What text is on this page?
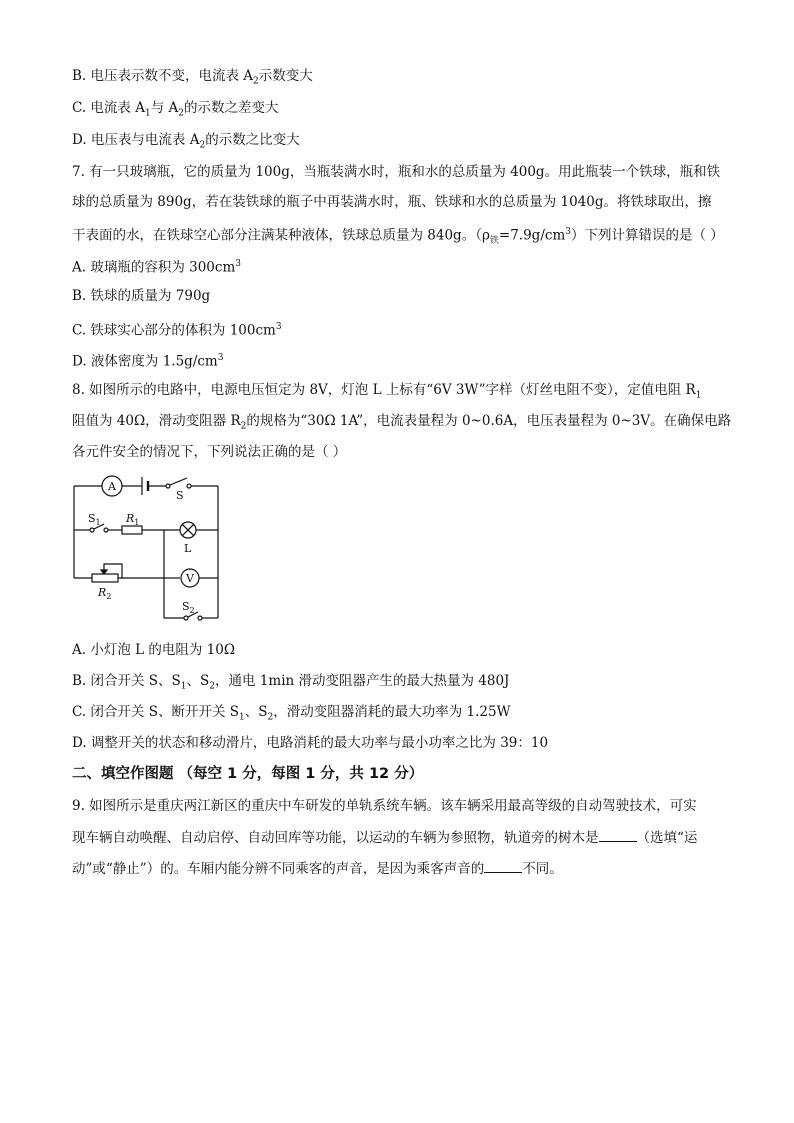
B. 电压表示数不变，电流表 $A_2$示数变大
C. 电流表 $A_1$与 $A_2$的示数之差变大
D. 电压表与电流表 $A_2$的示数之比变大
7. 有一只玻璃瓶，它的质量为 100g，当瓶装满水时，瓶和水的总质量为 400g。用此瓶装一个铁球，瓶和铁
球的总质量为 890g，若在装铁球的瓶子中再装满水时，瓶、铁球和水的总质量为 1040g。将铁球取出，擦
干表面的水，在铁球空心部分注满某种液体，铁球总质量为 840g。$(\rho_铁=7.9g/cm^3)$下列计算错误的是（ ）
A. 玻璃瓶的容积为 $300cm^3$
B. 铁球的质量为 790g
C. 铁球实心部分的体积为 $100cm^3$
D. 液体密度为 $1.5g/cm^3$
8. 如图所示的电路中，电源电压恒定为 8V，灯泡 L 上标有“6V 3W”字样（灯丝电阻不变），定值电阻 $R_1$
阻值为 40Ω，滑动变阻器 $R_2$的规格为“30Ω 1A”，电流表量程为 0~0.6A，电压表量程为 0~3V。在确保电路
各元件安全的情况下，下列说法正确的是（ ）
A
S
$S_1$ $R_1$
L
$R_2$
V
$S_2$
A. 小灯泡 L 的电阻为 10Ω
B. 闭合开关 S、$S_1$、$S_2$，通电 1min 滑动变阻器产生的最大热量为 480J
C. 闭合开关 S、断开开关 $S_1$、$S_2$，滑动变阻器消耗的最大功率为 1.25W
D. 调整开关的状态和移动滑片，电路消耗的最大功率与最小功率之比为 39：10
二、填空作图题 （每空 1 分，每图 1 分，共 12 分）
9. 如图所示是重庆两江新区的重庆中车研发的单轨系统车辆。该车辆采用最高等级的自动驾驶技术，可实
现车辆自动唤醒、自动启停、自动回库等功能，以运动的车辆为参照物，轨道旁的树木是	（选填“运
动”或“静止”）的。车厢内能分辨不同乘客的声音，是因为乘客声音的	不同。
